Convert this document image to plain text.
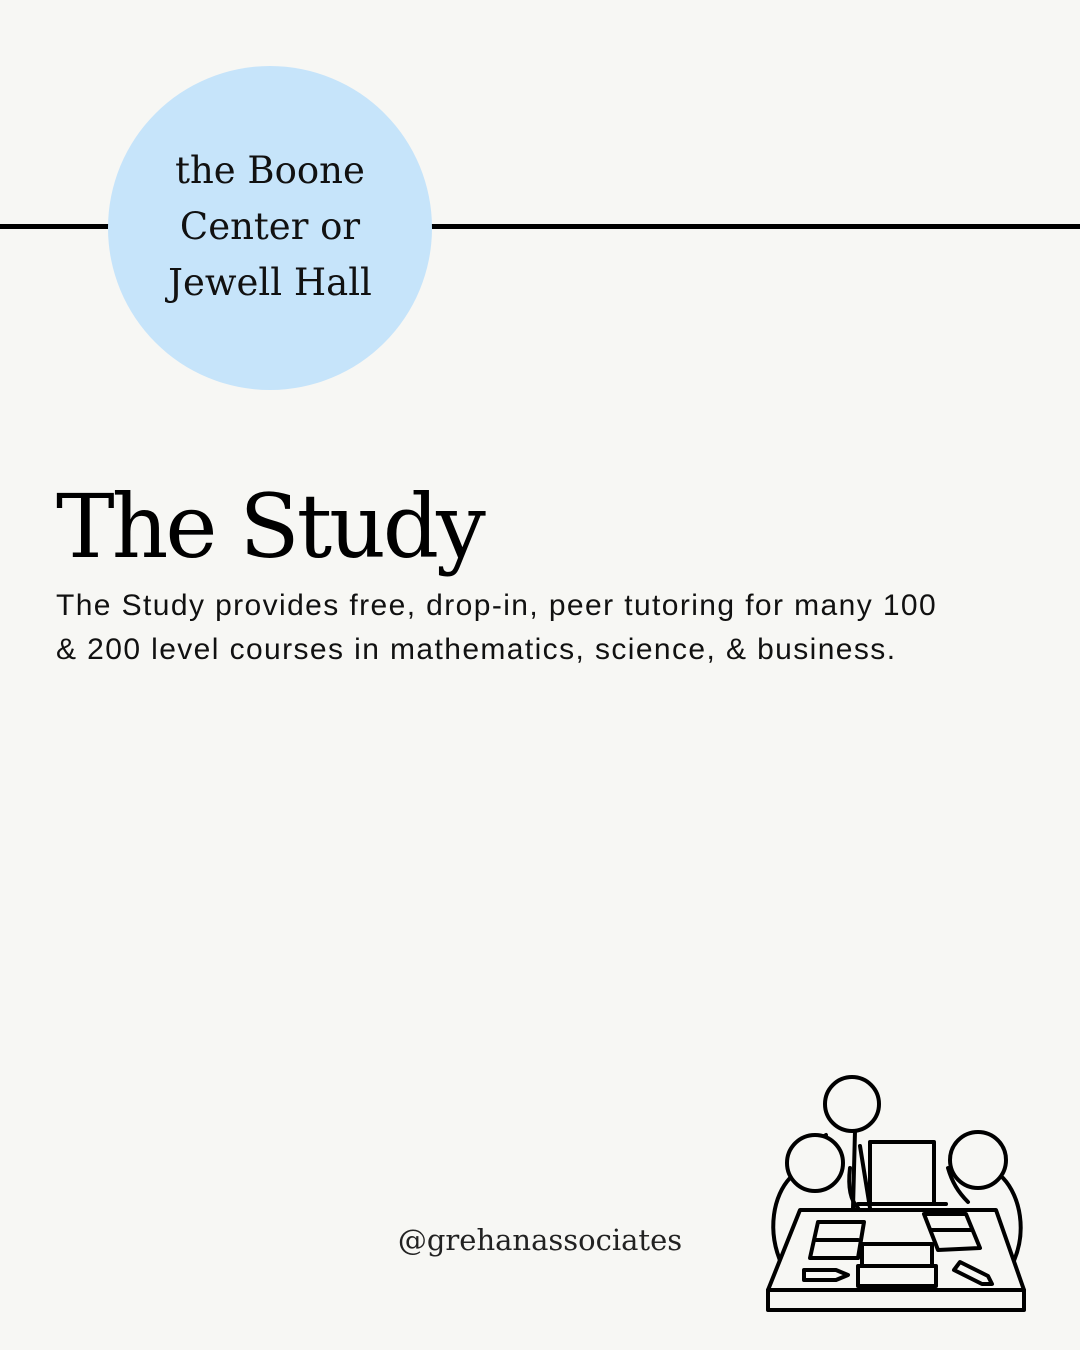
the Boone
Center or
Jewell Hall
The Study

The Study provides free, drop-in, peer tutoring for many 100 & 200 level courses in mathematics, science, & business.

@grehanassociates
